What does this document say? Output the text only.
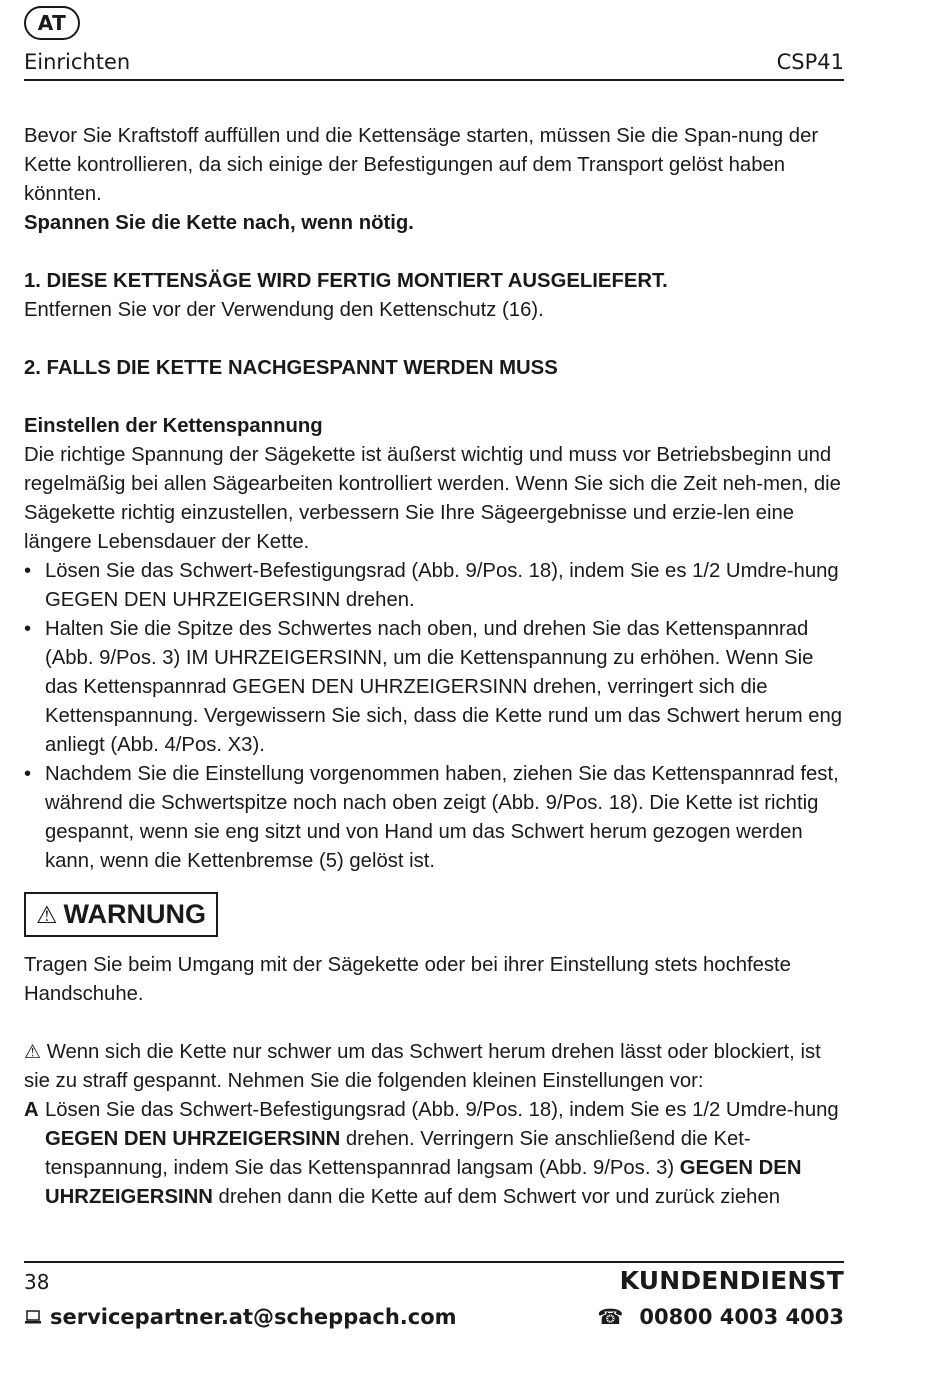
AT
Einrichten	CSP41

Bevor Sie Kraftstoff auffüllen und die Kettensäge starten, müssen Sie die Span-nung der Kette kontrollieren, da sich einige der Befestigungen auf dem Transport gelöst haben könnten.

Spannen Sie die Kette nach, wenn nötig.

1. DIESE KETTENSÄGE WIRD FERTIG MONTIERT AUSGELIEFERT.

Entfernen Sie vor der Verwendung den Kettenschutz (16).

2. FALLS DIE KETTE NACHGESPANNT WERDEN MUSS

Einstellen der Kettenspannung

Die richtige Spannung der Sägekette ist äußerst wichtig und muss vor Betriebsbeginn und regelmäßig bei allen Sägearbeiten kontrolliert werden. Wenn Sie sich die Zeit neh-men, die Sägekette richtig einzustellen, verbessern Sie Ihre Sägeergebnisse und erzie-len eine längere Lebensdauer der Kette.

• Lösen Sie das Schwert-Befestigungsrad (Abb. 9/Pos. 18), indem Sie es 1/2 Umdre-hung GEGEN DEN UHRZEIGERSINN drehen.
• Halten Sie die Spitze des Schwertes nach oben, und drehen Sie das Kettenspannrad (Abb. 9/Pos. 3) IM UHRZEIGERSINN, um die Kettenspannung zu erhöhen. Wenn Sie das Kettenspannrad GEGEN DEN UHRZEIGERSINN drehen, verringert sich die Kettenspannung. Vergewissern Sie sich, dass die Kette rund um das Schwert herum eng anliegt (Abb. 4/Pos. X3).
• Nachdem Sie die Einstellung vorgenommen haben, ziehen Sie das Kettenspannrad fest, während die Schwertspitze noch nach oben zeigt (Abb. 9/Pos. 18). Die Kette ist richtig gespannt, wenn sie eng sitzt und von Hand um das Schwert herum gezogen werden kann, wenn die Kettenbremse (5) gelöst ist.
⚠ WARNUNG

Tragen Sie beim Umgang mit der Sägekette oder bei ihrer Einstellung stets hochfeste Handschuhe.

⚠ Wenn sich die Kette nur schwer um das Schwert herum drehen lässt oder blockiert, ist sie zu straff gespannt. Nehmen Sie die folgenden kleinen Einstellungen vor:

A Lösen Sie das Schwert-Befestigungsrad (Abb. 9/Pos. 18), indem Sie es 1/2 Umdre-hung GEGEN DEN UHRZEIGERSINN drehen. Verringern Sie anschließend die Ket-tenspannung, indem Sie das Kettenspannrad langsam (Abb. 9/Pos. 3) GEGEN DEN UHRZEIGERSINN drehen dann die Kette auf dem Schwert vor und zurück ziehen

38	KUNDENDIENST
servicepartner.at@scheppach.com	☎ 00800 4003 4003
